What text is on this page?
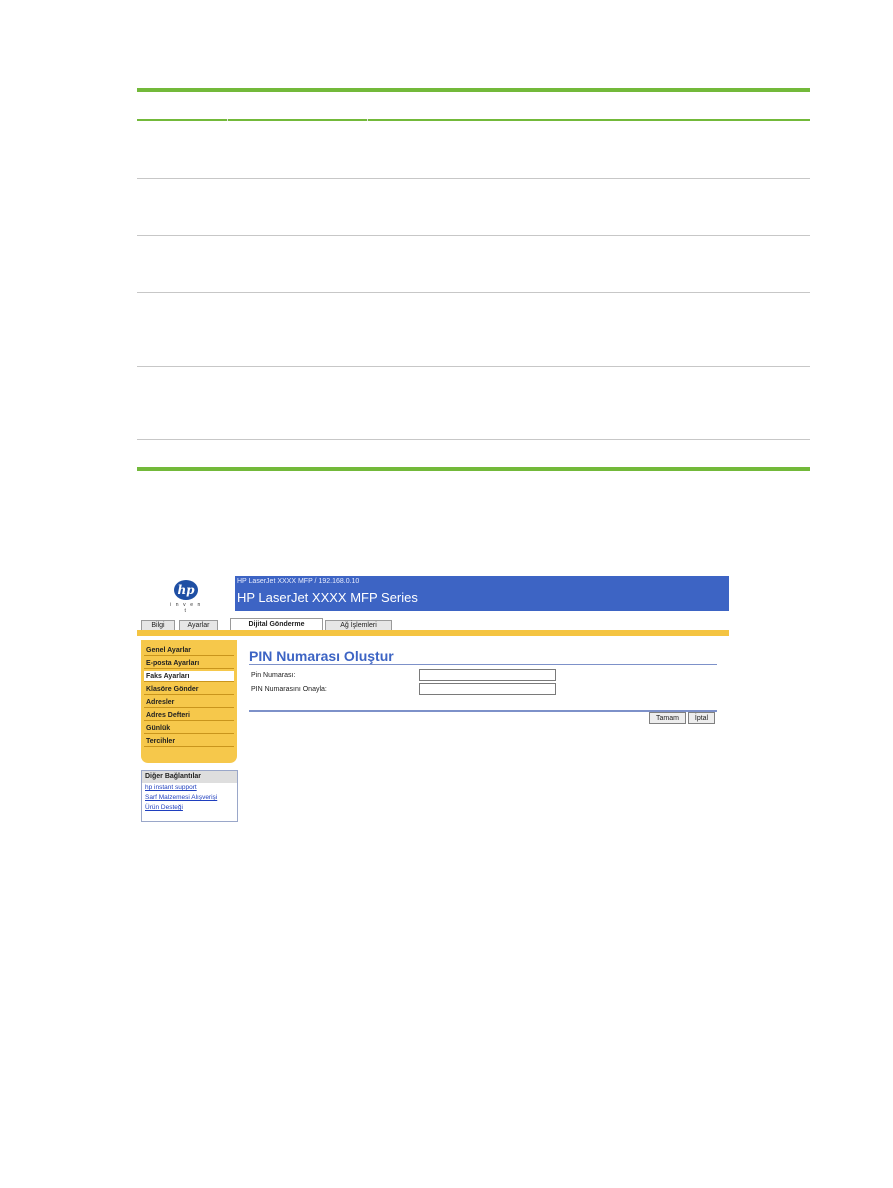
hp
i n v e n t
HP LaserJet XXXX MFP / 192.168.0.10
HP LaserJet XXXX MFP Series
Bilgi	Ayarlar	Dijital Gönderme	Ağ İşlemleri
Genel Ayarlar
E-posta Ayarları
Faks Ayarları
Klasöre Gönder
Adresler
Adres Defteri
Günlük
Tercihler
Diğer Bağlantılar
hp instant support
Sarf Malzemesi Alışverişi
Ürün Desteği
PIN Numarası Oluştur
Pin Numarası:
PIN Numarasını Onayla:
Tamam	İptal
